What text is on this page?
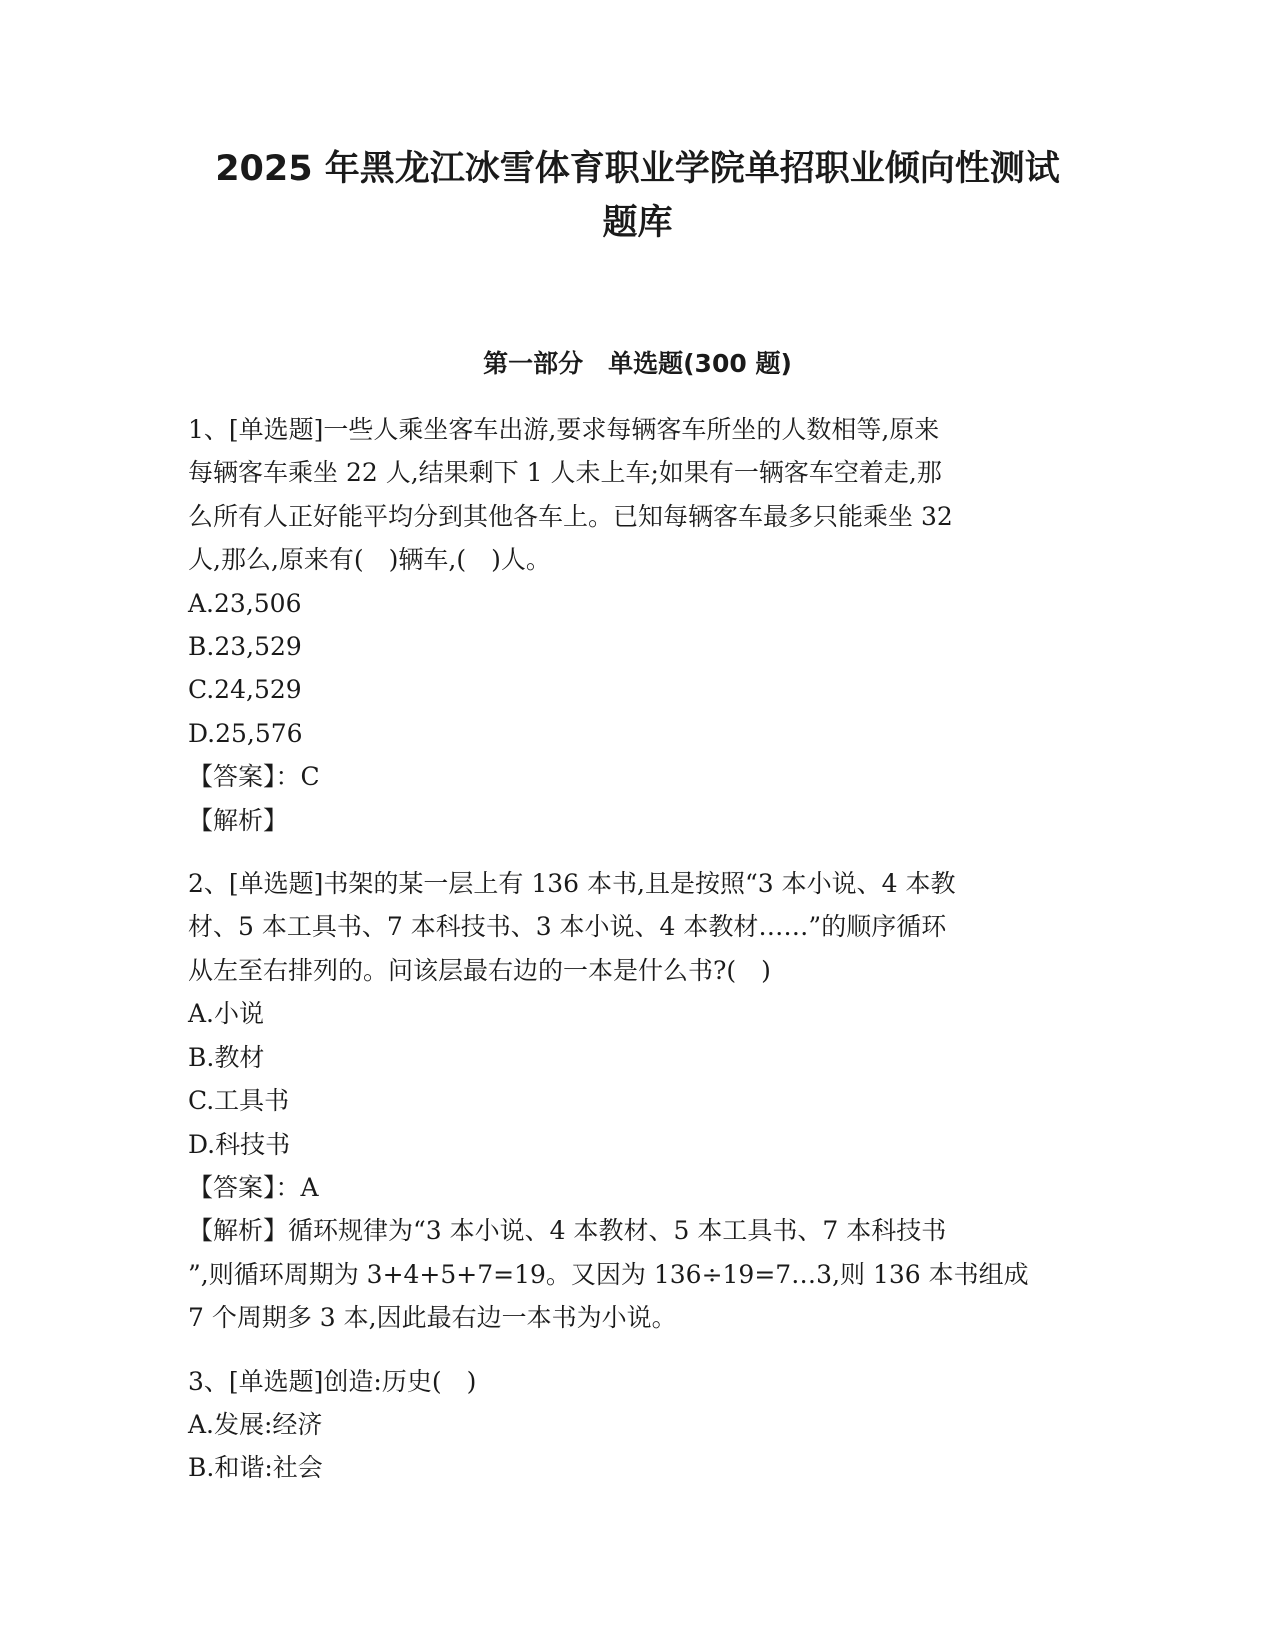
2025 年黑龙江冰雪体育职业学院单招职业倾向性测试
题库
第一部分　单选题(300 题)
1、[单选题]一些人乘坐客车出游,要求每辆客车所坐的人数相等,原来
每辆客车乘坐 22 人,结果剩下 1 人未上车;如果有一辆客车空着走,那
么所有人正好能平均分到其他各车上。已知每辆客车最多只能乘坐 32
人,那么,原来有(　)辆车,(　)人。
A.23,506
B.23,529
C.24,529
D.25,576
【答案】：C
【解析】
2、[单选题]书架的某一层上有 136 本书,且是按照“3 本小说、4 本教
材、5 本工具书、7 本科技书、3 本小说、4 本教材……”的顺序循环
从左至右排列的。问该层最右边的一本是什么书?(　)
A.小说
B.教材
C.工具书
D.科技书
【答案】：A
【解析】循环规律为“3 本小说、4 本教材、5 本工具书、7 本科技书
”,则循环周期为 3+4+5+7=19。又因为 136÷19=7…3,则 136 本书组成
7 个周期多 3 本,因此最右边一本书为小说。
3、[单选题]创造:历史(　)
A.发展:经济
B.和谐:社会
